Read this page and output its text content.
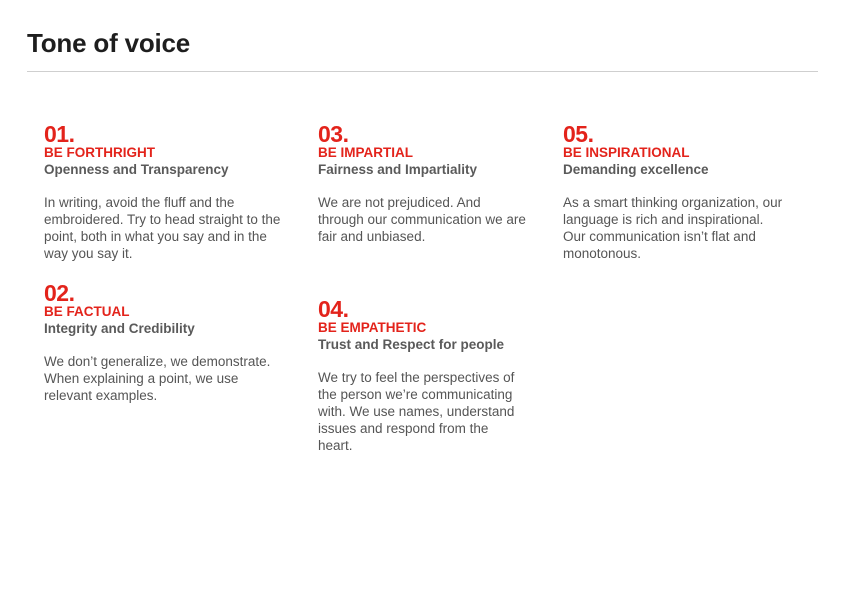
Tone of voice
01.
BE FORTHRIGHT
Openness and Transparency
In writing, avoid the fluff and the embroidered. Try to head straight to the point, both in what you say and in the way you say it.
02.
BE FACTUAL
Integrity and Credibility
We don’t generalize, we demonstrate. When explaining a point, we use relevant examples.
03.
BE IMPARTIAL
Fairness and Impartiality
We are not prejudiced. And through our communication we are fair and unbiased.
04.
BE EMPATHETIC
Trust and Respect for people
We try to feel the perspectives of the person we’re communicating with. We use names, understand issues and respond from the heart.
05.
BE INSPIRATIONAL
Demanding excellence
As a smart thinking organization, our language is rich and inspirational. Our communication isn’t flat and monotonous.
